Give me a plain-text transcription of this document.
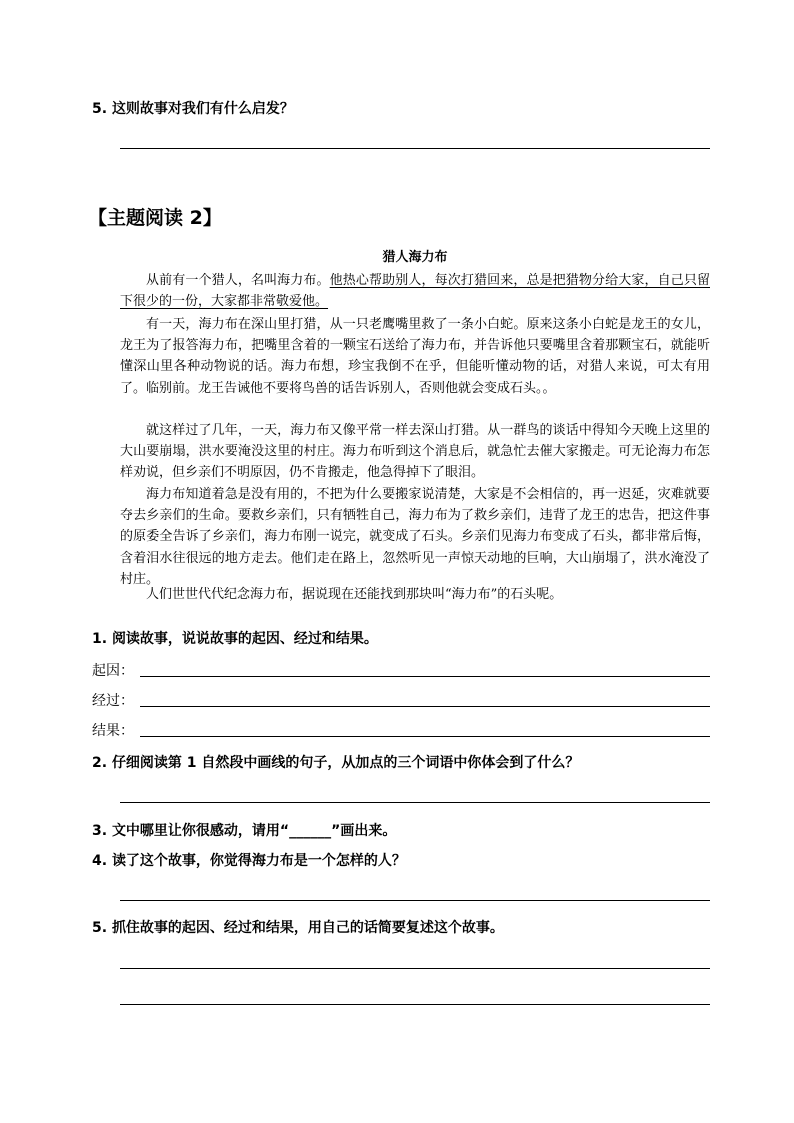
5. 这则故事对我们有什么启发？
【主题阅读 2】
猎人海力布

从前有一个猎人，名叫海力布。他热心帮助别人，每次打猎回来，总是把猎物分给大家，自己只留下很少的一份，大家都非常敬爱他。

有一天，海力布在深山里打猎，从一只老鹰嘴里救了一条小白蛇。原来这条小白蛇是龙王的女儿，龙王为了报答海力布，把嘴里含着的一颗宝石送给了海力布，并告诉他只要嘴里含着那颗宝石，就能听懂深山里各种动物说的话。海力布想，珍宝我倒不在乎，但能听懂动物的话，对猎人来说，可太有用了。临别前。龙王告诫他不要将鸟兽的话告诉别人，否则他就会变成石头。。

就这样过了几年，一天，海力布又像平常一样去深山打猎。从一群鸟的谈话中得知今天晚上这里的大山要崩塌，洪水要淹没这里的村庄。海力布听到这个消息后，就急忙去催大家搬走。可无论海力布怎样劝说，但乡亲们不明原因，仍不肯搬走，他急得掉下了眼泪。

海力布知道着急是没有用的，不把为什么要搬家说清楚，大家是不会相信的，再一迟延，灾难就要夺去乡亲们的生命。要救乡亲们，只有牺牲自己，海力布为了救乡亲们，违背了龙王的忠告，把这件事的原委全告诉了乡亲们，海力布刚一说完，就变成了石头。乡亲们见海力布变成了石头，都非常后悔，含着泪水往很远的地方走去。他们走在路上，忽然听见一声惊天动地的巨响，大山崩塌了，洪水淹没了村庄。

人们世世代代纪念海力布，据说现在还能找到那块叫“海力布”的石头呢。

1. 阅读故事，说说故事的起因、经过和结果。
起因：
经过：
结果：
2. 仔细阅读第 1 自然段中画线的句子，从加点的三个词语中你体会到了什么？
3. 文中哪里让你很感动，请用“______”画出来。
4. 读了这个故事，你觉得海力布是一个怎样的人？
5. 抓住故事的起因、经过和结果，用自己的话简要复述这个故事。
